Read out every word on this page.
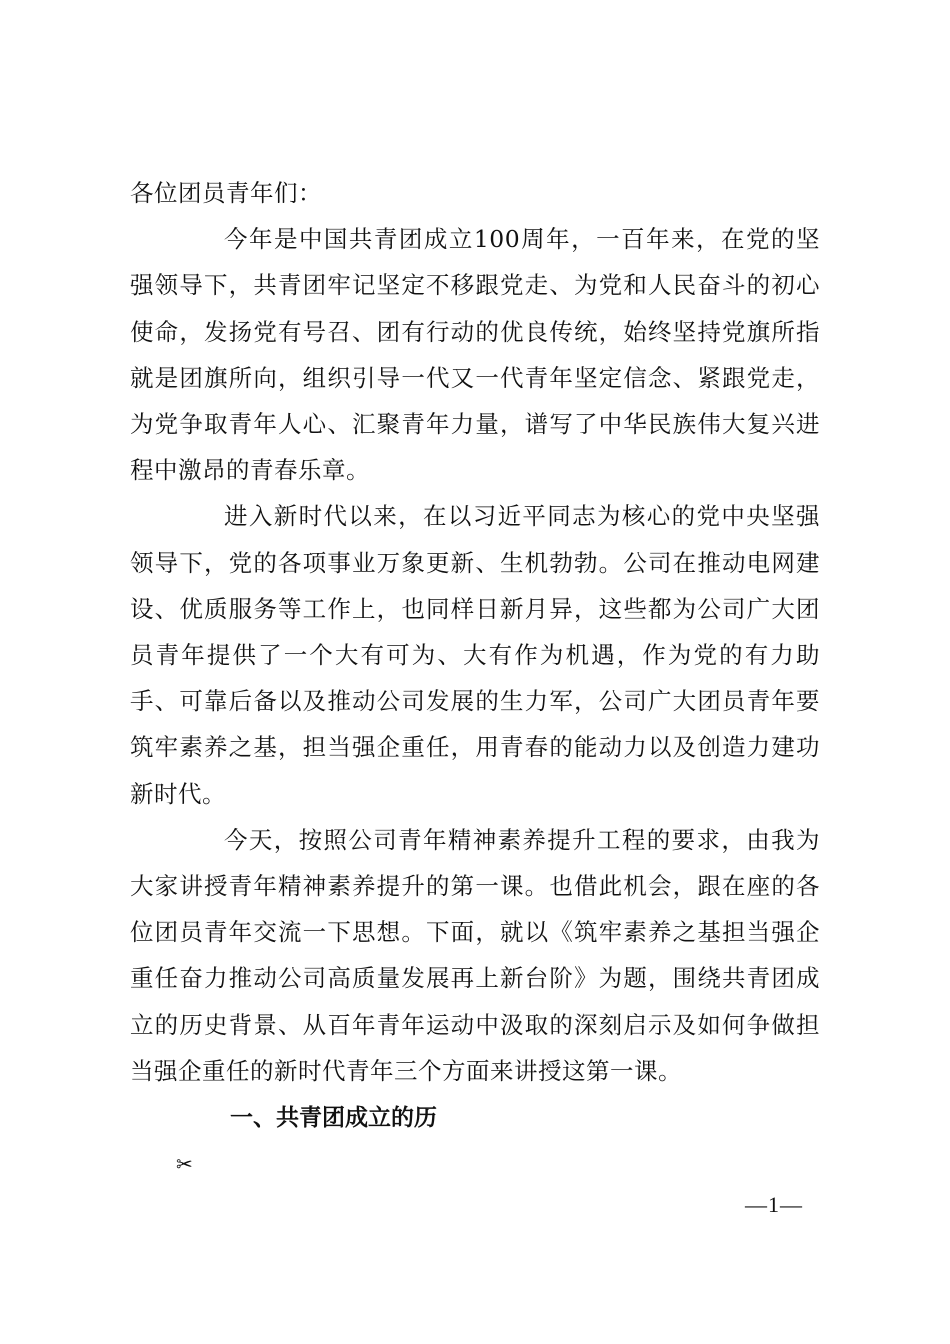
各位团员青年们：

今年是中国共青团成立100周年，一百年来，在党的坚强领导下，共青团牢记坚定不移跟党走、为党和人民奋斗的初心使命，发扬党有号召、团有行动的优良传统，始终坚持党旗所指就是团旗所向，组织引导一代又一代青年坚定信念、紧跟党走，为党争取青年人心、汇聚青年力量，谱写了中华民族伟大复兴进程中激昂的青春乐章。

进入新时代以来，在以习近平同志为核心的党中央坚强领导下，党的各项事业万象更新、生机勃勃。公司在推动电网建设、优质服务等工作上，也同样日新月异，这些都为公司广大团员青年提供了一个大有可为、大有作为机遇，作为党的有力助手、可靠后备以及推动公司发展的生力军，公司广大团员青年要筑牢素养之基，担当强企重任，用青春的能动力以及创造力建功新时代。

今天，按照公司青年精神素养提升工程的要求，由我为大家讲授青年精神素养提升的第一课。也借此机会，跟在座的各位团员青年交流一下思想。下面，就以《筑牢素养之基担当强企重任奋力推动公司高质量发展再上新台阶》为题，围绕共青团成立的历史背景、从百年青年运动中汲取的深刻启示及如何争做担当强企重任的新时代青年三个方面来讲授这第一课。

一、共青团成立的历
✂
—1—
